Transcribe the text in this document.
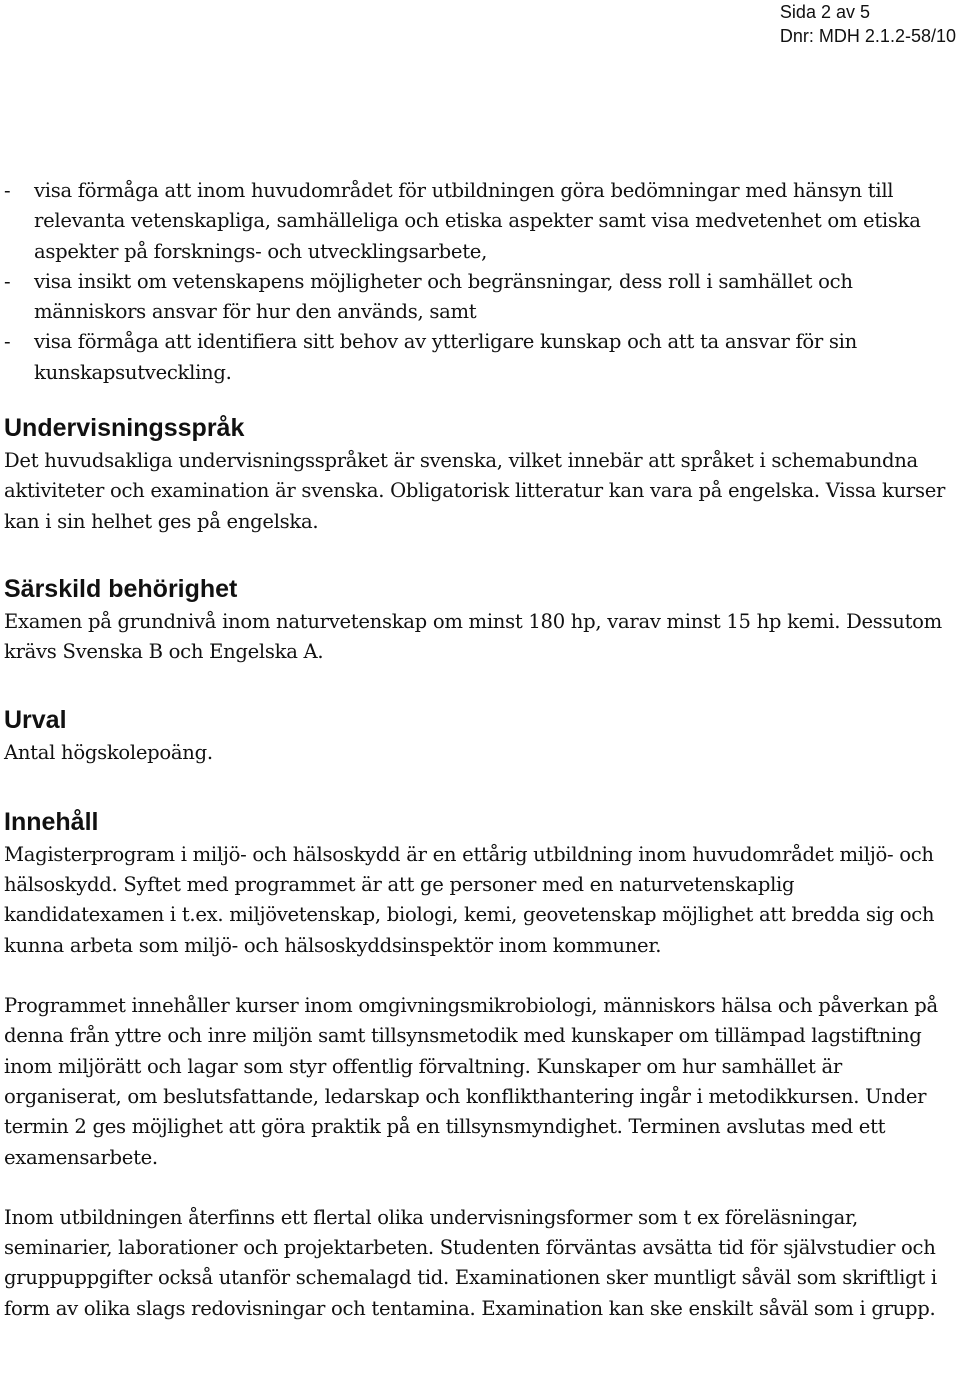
Sida 2 av 5
Dnr: MDH 2.1.2-58/10
- visa förmåga att inom huvudområdet för utbildningen göra bedömningar med hänsyn till relevanta vetenskapliga, samhälleliga och etiska aspekter samt visa medvetenhet om etiska aspekter på forsknings- och utvecklingsarbete,
- visa insikt om vetenskapens möjligheter och begränsningar, dess roll i samhället och människors ansvar för hur den används, samt
- visa förmåga att identifiera sitt behov av ytterligare kunskap och att ta ansvar för sin kunskapsutveckling.
Undervisningsspråk

Det huvudsakliga undervisningsspråket är svenska, vilket innebär att språket i schemabundna aktiviteter och examination är svenska. Obligatorisk litteratur kan vara på engelska. Vissa kurser kan i sin helhet ges på engelska.

Särskild behörighet

Examen på grundnivå inom naturvetenskap om minst 180 hp, varav minst 15 hp kemi. Dessutom krävs Svenska B och Engelska A.

Urval

Antal högskolepoäng.

Innehåll

Magisterprogram i miljö- och hälsoskydd är en ettårig utbildning inom huvudområdet miljö- och hälsoskydd. Syftet med programmet är att ge personer med en naturvetenskaplig kandidatexamen i t.ex. miljövetenskap, biologi, kemi, geovetenskap möjlighet att bredda sig och kunna arbeta som miljö- och hälsoskyddsinspektör inom kommuner.

Programmet innehåller kurser inom omgivningsmikrobiologi, människors hälsa och påverkan på denna från yttre och inre miljön samt tillsynsmetodik med kunskaper om tillämpad lagstiftning inom miljörätt och lagar som styr offentlig förvaltning. Kunskaper om hur samhället är organiserat, om beslutsfattande, ledarskap och konflikthantering ingår i metodikkursen. Under termin 2 ges möjlighet att göra praktik på en tillsynsmyndighet. Terminen avslutas med ett examensarbete.

Inom utbildningen återfinns ett flertal olika undervisningsformer som t ex föreläsningar, seminarier, laborationer och projektarbeten. Studenten förväntas avsätta tid för självstudier och gruppuppgifter också utanför schemalagd tid. Examinationen sker muntligt såväl som skriftligt i form av olika slags redovisningar och tentamina. Examination kan ske enskilt såväl som i grupp.
